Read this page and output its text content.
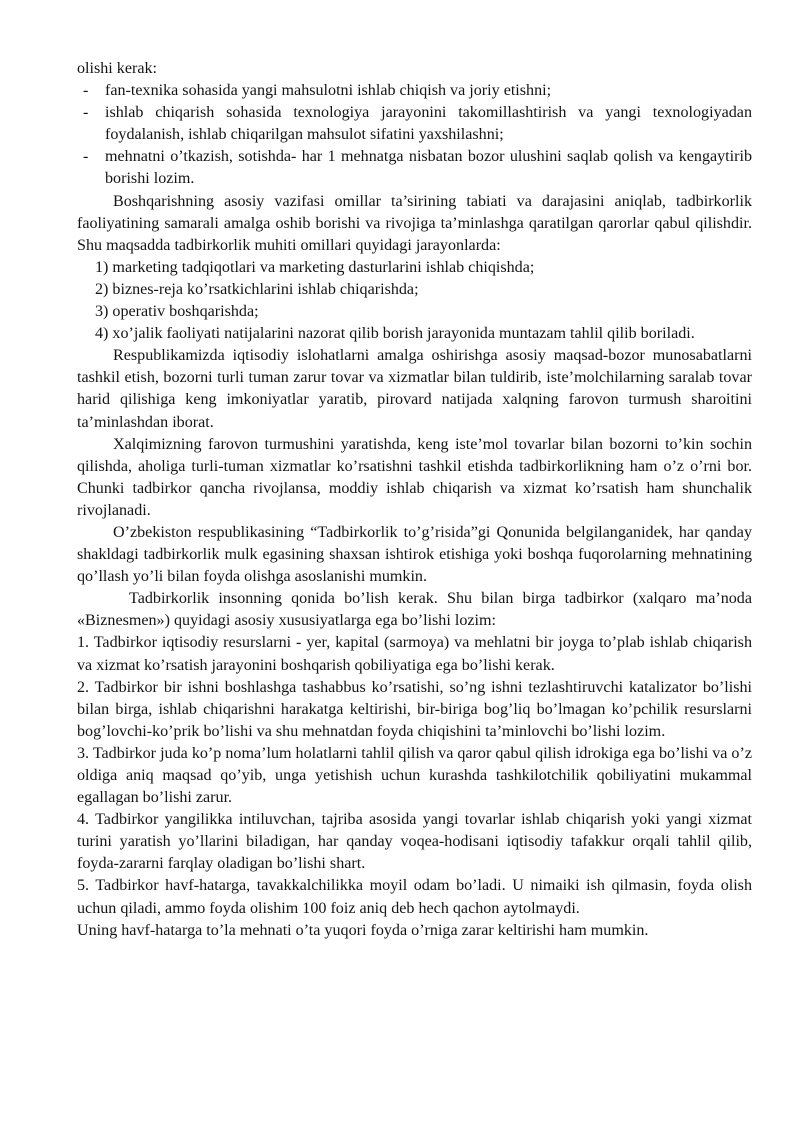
olishi kerak:

- fan-texnika sohasida yangi mahsulotni ishlab chiqish va joriy etishni;
- ishlab chiqarish sohasida texnologiya jarayonini takomillashtirish va yangi texnologiyadan foydalanish, ishlab chiqarilgan mahsulot sifatini yaxshilashni;
- mehnatni o’tkazish, sotishda- har 1 mehnatga nisbatan bozor ulushini saqlab qolish va kengaytirib borishi lozim.

Boshqarishning asosiy vazifasi omillar ta’sirining tabiati va darajasini aniqlab, tadbirkorlik faoliyatining samarali amalga oshib borishi va rivojiga ta’minlashga qaratilgan qarorlar qabul qilishdir. Shu maqsadda tadbirkorlik muhiti omillari quyidagi jarayonlarda:

1) marketing tadqiqotlari va marketing dasturlarini ishlab chiqishda;

2) biznes-reja ko’rsatkichlarini ishlab chiqarishda;

3) operativ boshqarishda;

4) xo’jalik faoliyati natijalarini nazorat qilib borish jarayonida muntazam tahlil qilib boriladi.

Respublikamizda iqtisodiy islohatlarni amalga oshirishga asosiy maqsad-bozor munosabatlarni tashkil etish, bozorni turli tuman zarur tovar va xizmatlar bilan tuldirib, iste’molchilarning saralab tovar harid qilishiga keng imkoniyatlar yaratib, pirovard natijada xalqning farovon turmush sharoitini ta’minlashdan iborat.

Xalqimizning farovon turmushini yaratishda, keng iste’mol tovarlar bilan bozorni to’kin sochin qilishda, aholiga turli-tuman xizmatlar ko’rsatishni tashkil etishda tadbirkorlikning ham o’z o’rni bor. Chunki tadbirkor qancha rivojlansa, moddiy ishlab chiqarish va xizmat ko’rsatish ham shunchalik rivojlanadi.

O’zbekiston respublikasining “Tadbirkorlik to’g’risida”gi Qonunida belgilanganidek, har qanday shakldagi tadbirkorlik mulk egasining shaxsan ishtirok etishiga yoki boshqa fuqorolarning mehnatining qo’llash yo’li bilan foyda olishga asoslanishi mumkin.

Tadbirkorlik insonning qonida bo’lish kerak. Shu bilan birga tadbirkor (xalqaro ma’noda «Biznesmen») quyidagi asosiy xususiyatlarga ega bo’lishi lozim:

1. Tadbirkor iqtisodiy resurslarni - yer, kapital (sarmoya) va mehlatni bir joyga to’plab ishlab chiqarish va xizmat ko’rsatish jarayonini boshqarish qobiliyatiga ega bo’lishi kerak.

2. Tadbirkor bir ishni boshlashga tashabbus ko’rsatishi, so’ng ishni tezlashtiruvchi katalizator bo’lishi bilan birga, ishlab chiqarishni harakatga keltirishi, bir-biriga bog’liq bo’lmagan ko’pchilik resurslarni bog’lovchi-ko’prik bo’lishi va shu mehnatdan foyda chiqishini ta’minlovchi bo’lishi lozim.

3. Tadbirkor juda ko’p noma’lum holatlarni tahlil qilish va qaror qabul qilish idrokiga ega bo’lishi va o’z oldiga aniq maqsad qo’yib, unga yetishish uchun kurashda tashkilotchilik qobiliyatini mukammal egallagan bo’lishi zarur.

4. Tadbirkor yangilikka intiluvchan, tajriba asosida yangi tovarlar ishlab chiqarish yoki yangi xizmat turini yaratish yo’llarini biladigan, har qanday voqea-hodisani iqtisodiy tafakkur orqali tahlil qilib, foyda-zararni farqlay oladigan bo’lishi shart.

5. Tadbirkor havf-hatarga, tavakkalchilikka moyil odam bo’ladi. U nimaiki ish qilmasin, foyda olish uchun qiladi, ammo foyda olishim 100 foiz aniq deb hech qachon aytolmaydi.

Uning havf-hatarga to’la mehnati o’ta yuqori foyda o’rniga zarar keltirishi ham mumkin.
